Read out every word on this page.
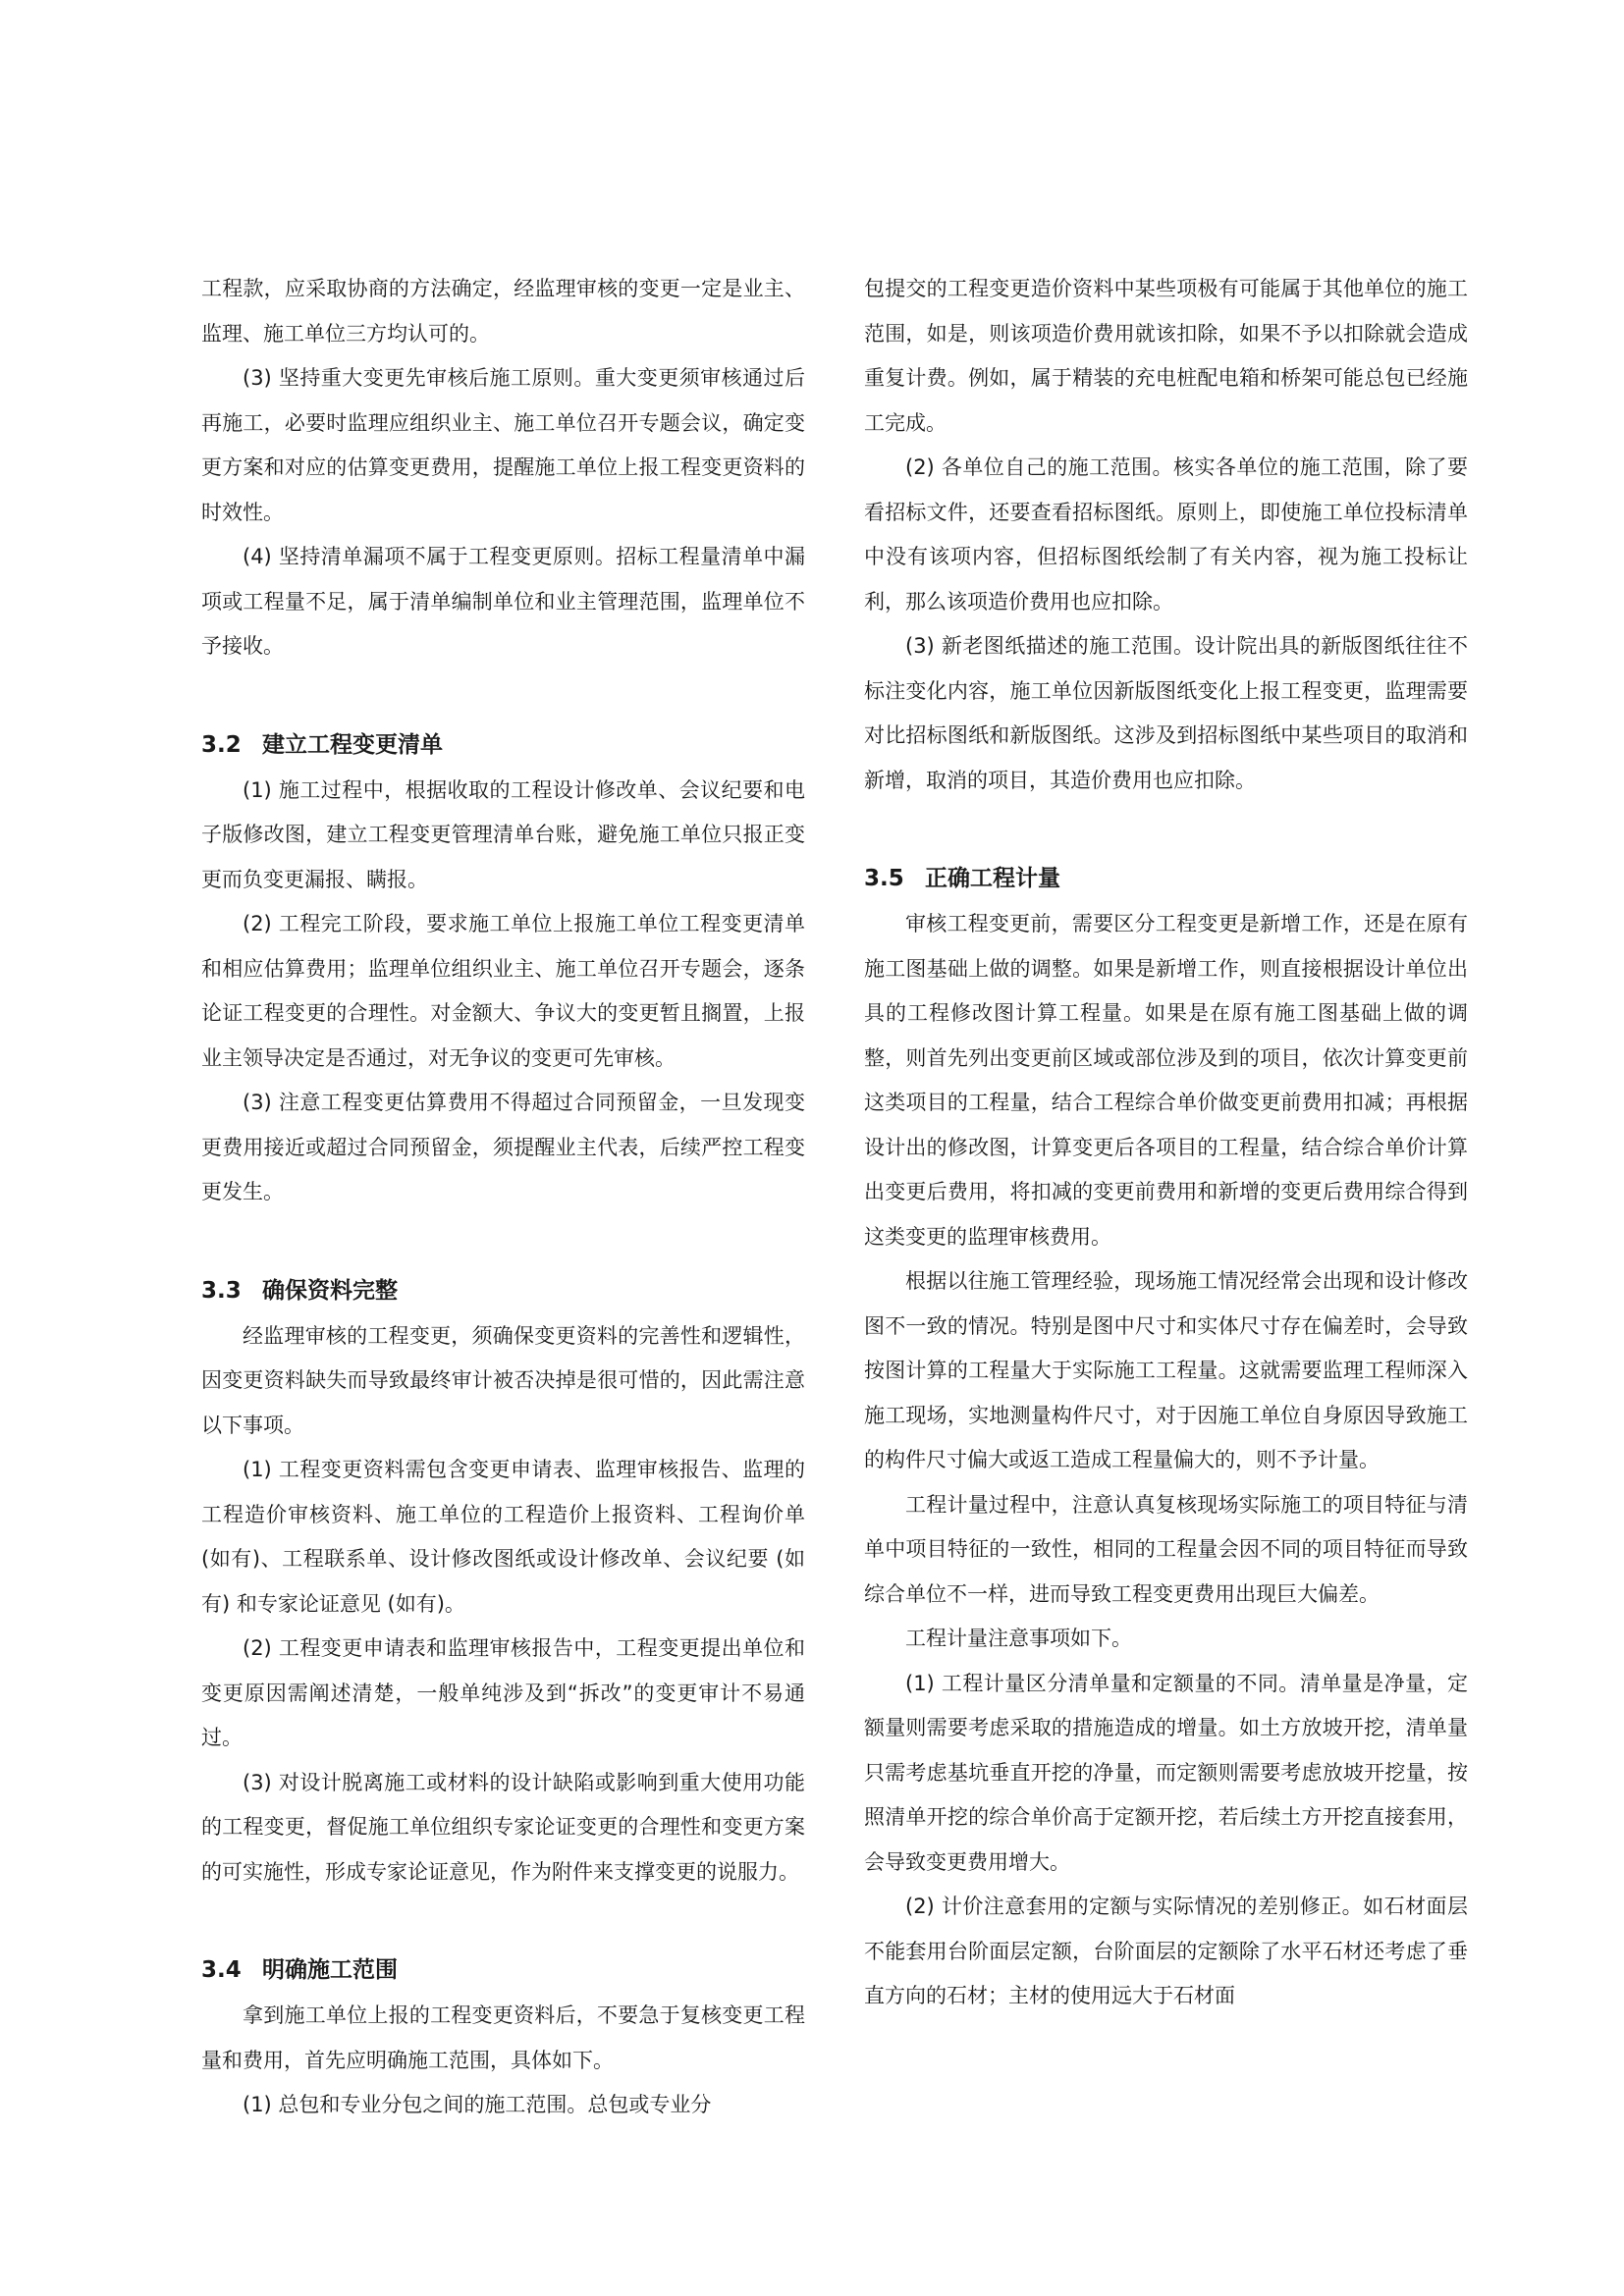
工程款，应采取协商的方法确定，经监理审核的变更一定是业主、监理、施工单位三方均认可的。

(3) 坚持重大变更先审核后施工原则。重大变更须审核通过后再施工，必要时监理应组织业主、施工单位召开专题会议，确定变更方案和对应的估算变更费用，提醒施工单位上报工程变更资料的时效性。

(4) 坚持清单漏项不属于工程变更原则。招标工程量清单中漏项或工程量不足，属于清单编制单位和业主管理范围，监理单位不予接收。

3.2 建立工程变更清单

(1) 施工过程中，根据收取的工程设计修改单、会议纪要和电子版修改图，建立工程变更管理清单台账，避免施工单位只报正变更而负变更漏报、瞒报。

(2) 工程完工阶段，要求施工单位上报施工单位工程变更清单和相应估算费用；监理单位组织业主、施工单位召开专题会，逐条论证工程变更的合理性。对金额大、争议大的变更暂且搁置，上报业主领导决定是否通过，对无争议的变更可先审核。

(3) 注意工程变更估算费用不得超过合同预留金，一旦发现变更费用接近或超过合同预留金，须提醒业主代表，后续严控工程变更发生。

3.3 确保资料完整

经监理审核的工程变更，须确保变更资料的完善性和逻辑性，因变更资料缺失而导致最终审计被否决掉是很可惜的，因此需注意以下事项。

(1) 工程变更资料需包含变更申请表、监理审核报告、监理的工程造价审核资料、施工单位的工程造价上报资料、工程询价单 (如有)、工程联系单、设计修改图纸或设计修改单、会议纪要 (如有) 和专家论证意见 (如有)。

(2) 工程变更申请表和监理审核报告中，工程变更提出单位和变更原因需阐述清楚，一般单纯涉及到“拆改”的变更审计不易通过。

(3) 对设计脱离施工或材料的设计缺陷或影响到重大使用功能的工程变更，督促施工单位组织专家论证变更的合理性和变更方案的可实施性，形成专家论证意见，作为附件来支撑变更的说服力。

3.4 明确施工范围

拿到施工单位上报的工程变更资料后，不要急于复核变更工程量和费用，首先应明确施工范围，具体如下。

(1) 总包和专业分包之间的施工范围。总包或专业分

包提交的工程变更造价资料中某些项极有可能属于其他单位的施工范围，如是，则该项造价费用就该扣除，如果不予以扣除就会造成重复计费。例如，属于精装的充电桩配电箱和桥架可能总包已经施工完成。

(2) 各单位自己的施工范围。核实各单位的施工范围，除了要看招标文件，还要查看招标图纸。原则上，即使施工单位投标清单中没有该项内容，但招标图纸绘制了有关内容，视为施工投标让利，那么该项造价费用也应扣除。

(3) 新老图纸描述的施工范围。设计院出具的新版图纸往往不标注变化内容，施工单位因新版图纸变化上报工程变更，监理需要对比招标图纸和新版图纸。这涉及到招标图纸中某些项目的取消和新增，取消的项目，其造价费用也应扣除。

3.5 正确工程计量

审核工程变更前，需要区分工程变更是新增工作，还是在原有施工图基础上做的调整。如果是新增工作，则直接根据设计单位出具的工程修改图计算工程量。如果是在原有施工图基础上做的调整，则首先列出变更前区域或部位涉及到的项目，依次计算变更前这类项目的工程量，结合工程综合单价做变更前费用扣减；再根据设计出的修改图，计算变更后各项目的工程量，结合综合单价计算出变更后费用，将扣减的变更前费用和新增的变更后费用综合得到这类变更的监理审核费用。

根据以往施工管理经验，现场施工情况经常会出现和设计修改图不一致的情况。特别是图中尺寸和实体尺寸存在偏差时，会导致按图计算的工程量大于实际施工工程量。这就需要监理工程师深入施工现场，实地测量构件尺寸，对于因施工单位自身原因导致施工的构件尺寸偏大或返工造成工程量偏大的，则不予计量。

工程计量过程中，注意认真复核现场实际施工的项目特征与清单中项目特征的一致性，相同的工程量会因不同的项目特征而导致综合单位不一样，进而导致工程变更费用出现巨大偏差。

工程计量注意事项如下。

(1) 工程计量区分清单量和定额量的不同。清单量是净量，定额量则需要考虑采取的措施造成的增量。如土方放坡开挖，清单量只需考虑基坑垂直开挖的净量，而定额则需要考虑放坡开挖量，按照清单开挖的综合单价高于定额开挖，若后续土方开挖直接套用，会导致变更费用增大。

(2) 计价注意套用的定额与实际情况的差别修正。如石材面层不能套用台阶面层定额，台阶面层的定额除了水平石材还考虑了垂直方向的石材；主材的使用远大于石材面
